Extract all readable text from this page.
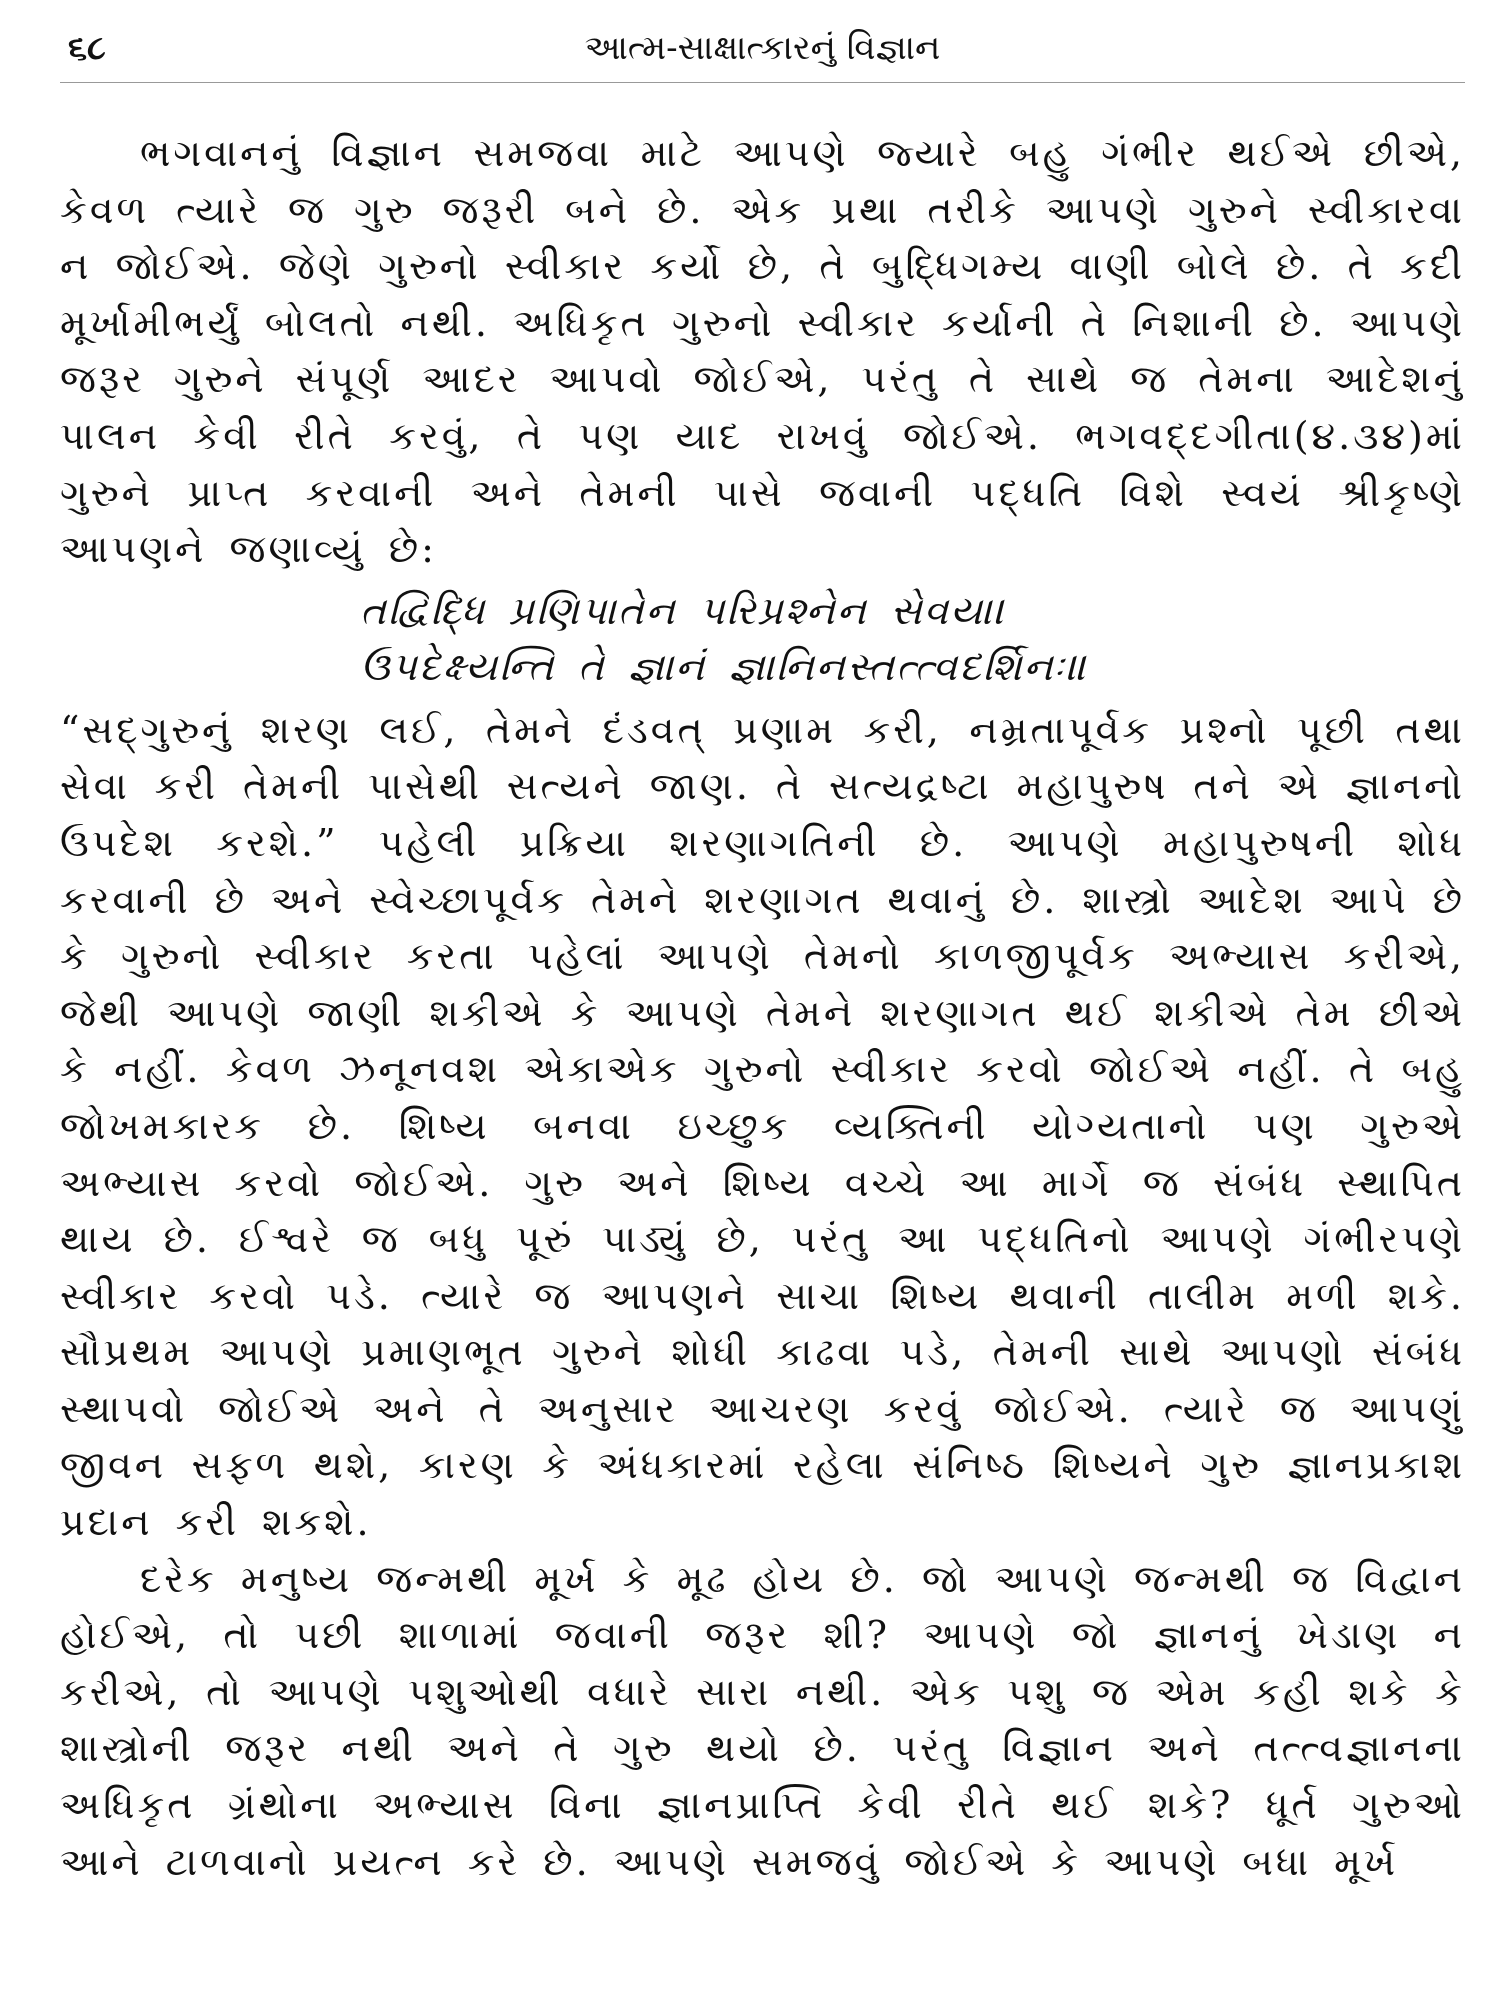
૬૮	આત્મ-સાક્ષાત્કારનું વિજ્ઞાન

ભગવાનનું વિજ્ઞાન સમજવા માટે આપણે જ્યારે બહુ ગંભીર થઈએ છીએ, કેવળ ત્યારે જ ગુરુ જરૂરી બને છે. એક પ્રથા તરીકે આપણે ગુરુને સ્વીકારવા ન જોઈએ. જેણે ગુરુનો સ્વીકાર કર્યો છે, તે બુદ્ધિગમ્ય વાણી બોલે છે. તે કદી મૂર્ખામીભર્યું બોલતો નથી. અધિકૃત ગુરુનો સ્વીકાર કર્યાની તે નિશાની છે. આપણે જરૂર ગુરુને સંપૂર્ણ આદર આપવો જોઈએ, પરંતુ તે સાથે જ તેમના આદેશનું પાલન કેવી રીતે કરવું, તે પણ યાદ રાખવું જોઈએ. ભગવદ્દગીતા(૪.૩૪)માં ગુરુને પ્રાપ્ત કરવાની અને તેમની પાસે જવાની પદ્ધતિ વિશે સ્વયં શ્રીકૃષ્ણે આપણને જણાવ્યું છે:

તદ્વિદ્ધિ પ્રણિપાતેન પરિપ્રશ્નેન સેવયા।
ઉપદેક્ષ્યન્તિ તે જ્ઞાનં જ્ઞાનિનસ્તત્ત્વદર્શિનઃ॥

“સદ્‌ગુરુનું શરણ લઈ, તેમને દંડવત્ પ્રણામ કરી, નમ્રતાપૂર્વક પ્રશ્નો પૂછી તથા સેવા કરી તેમની પાસેથી સત્યને જાણ. તે સત્યદ્રષ્ટા મહાપુરુષ તને એ જ્ઞાનનો ઉપદેશ કરશે.” પહેલી પ્રક્રિયા શરણાગતિની છે. આપણે મહાપુરુષની શોધ કરવાની છે અને સ્વેચ્છાપૂર્વક તેમને શરણાગત થવાનું છે. શાસ્ત્રો આદેશ આપે છે કે ગુરુનો સ્વીકાર કરતા પહેલાં આપણે તેમનો કાળજીપૂર્વક અભ્યાસ કરીએ, જેથી આપણે જાણી શકીએ કે આપણે તેમને શરણાગત થઈ શકીએ તેમ છીએ કે નહીં. કેવળ ઝનૂનવશ એકાએક ગુરુનો સ્વીકાર કરવો જોઈએ નહીં. તે બહુ જોખમકારક છે. શિષ્ય બનવા ઇચ્છુક વ્યક્તિની યોગ્યતાનો પણ ગુરુએ અભ્યાસ કરવો જોઈએ. ગુરુ અને શિષ્ય વચ્ચે આ માર્ગે જ સંબંધ સ્થાપિત થાય છે. ઈશ્વરે જ બધુ પૂરું પાડ્યું છે, પરંતુ આ પદ્ધતિનો આપણે ગંભીરપણે સ્વીકાર કરવો પડે. ત્યારે જ આપણને સાચા શિષ્ય થવાની તાલીમ મળી શકે. સૌપ્રથમ આપણે પ્રમાણભૂત ગુરુને શોધી કાઢવા પડે, તેમની સાથે આપણો સંબંધ સ્થાપવો જોઈએ અને તે અનુસાર આચરણ કરવું જોઈએ. ત્યારે જ આપણું જીવન સફળ થશે, કારણ કે અંધકારમાં રહેલા સંનિષ્ઠ શિષ્યને ગુરુ જ્ઞાનપ્રકાશ પ્રદાન કરી શકશે.

દરેક મનુષ્ય જન્મથી મૂર્ખ કે મૂઢ હોય છે. જો આપણે જન્મથી જ વિદ્વાન હોઈએ, તો પછી શાળામાં જવાની જરૂર શી? આપણે જો જ્ઞાનનું ખેડાણ ન કરીએ, તો આપણે પશુઓથી વધારે સારા નથી. એક પશુ જ એમ કહી શકે કે શાસ્ત્રોની જરૂર નથી અને તે ગુરુ થયો છે. પરંતુ વિજ્ઞાન અને તત્ત્વજ્ઞાનના અધિકૃત ગ્રંથોના અભ્યાસ વિના જ્ઞાનપ્રાપ્તિ કેવી રીતે થઈ શકે? ધૂર્ત ગુરુઓ આને ટાળવાનો પ્રયત્ન કરે છે. આપણે સમજવું જોઈએ કે આપણે બધા મૂર્ખ
